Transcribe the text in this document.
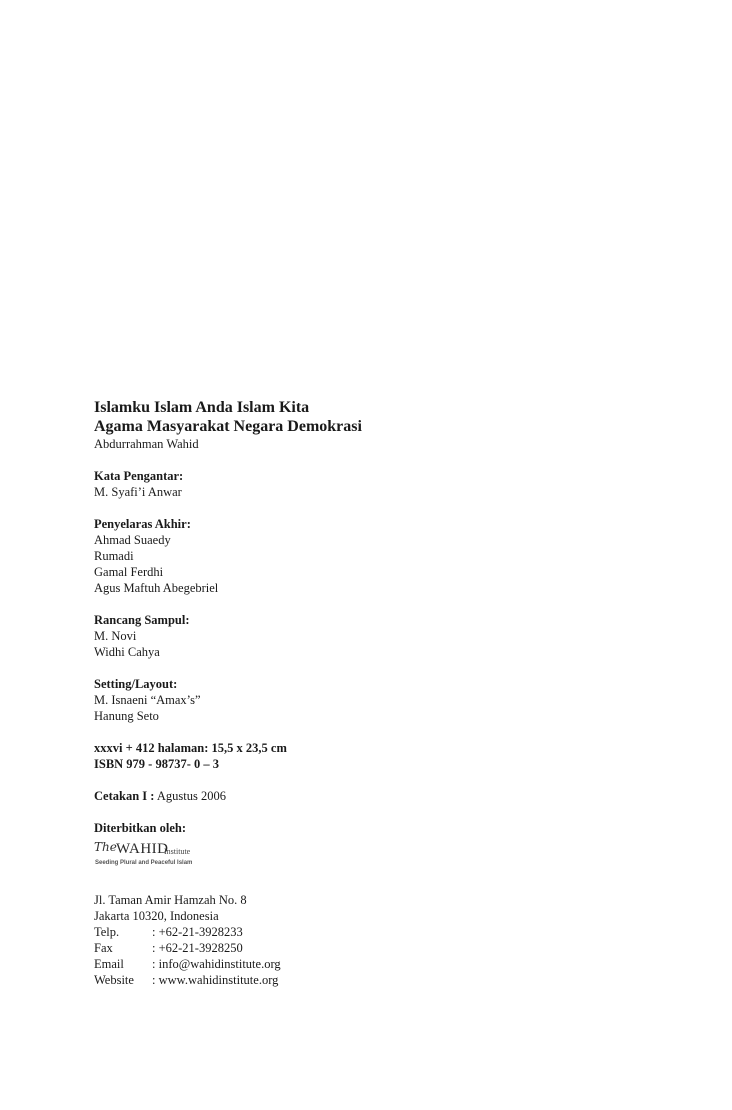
Islamku Islam Anda Islam Kita

Agama Masyarakat Negara Demokrasi

Abdurrahman Wahid

Kata Pengantar:

M. Syafi’i Anwar

Penyelaras Akhir:

Ahmad Suaedy

Rumadi

Gamal Ferdhi

Agus Maftuh Abegebriel

Rancang Sampul:

M. Novi

Widhi Cahya

Setting/Layout:

M. Isnaeni “Amax’s”

Hanung Seto

xxxvi + 412 halaman: 15,5 x 23,5 cm

ISBN 979 - 98737- 0 – 3

Cetakan I : Agustus 2006

Diterbitkan oleh:

The WAHID
Institute
Seeding Plural and Peaceful Islam

Jl. Taman Amir Hamzah No. 8

Jakarta 10320, Indonesia

Telp.	: +62-21-3928233
Fax	: +62-21-3928250
Email	: info@wahidinstitute.org
Website	: www.wahidinstitute.org
